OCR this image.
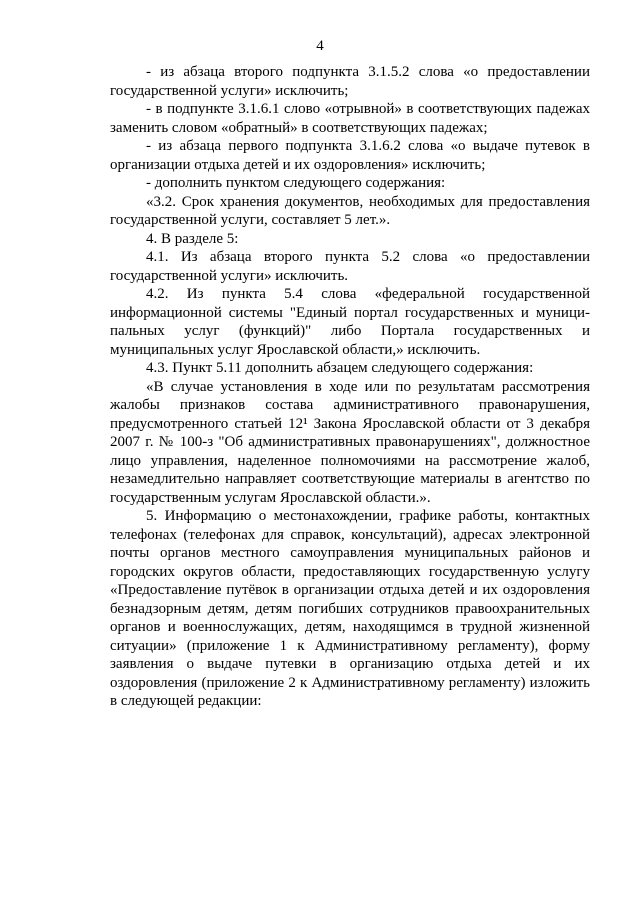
4

- из абзаца второго подпункта 3.1.5.2 слова «о предоставлении государственной услуги» исключить;

- в подпункте 3.1.6.1 слово «отрывной» в соответствующих падежах заменить словом «обратный» в соответствующих падежах;

- из абзаца первого подпункта 3.1.6.2 слова «о выдаче путевок в организации отдыха детей и их оздоровления» исключить;

- дополнить пунктом следующего содержания:

«3.2. Срок хранения документов, необходимых для предоставления государственной услуги, составляет 5 лет.».

4. В разделе 5:

4.1. Из абзаца второго пункта 5.2 слова «о предоставлении государственной услуги» исключить.

4.2. Из пункта 5.4 слова «федеральной государственной информационной системы "Единый портал государственных и муници-пальных услуг (функций)" либо Портала государственных и муниципальных услуг Ярославской области,» исключить.

4.3. Пункт 5.11 дополнить абзацем следующего содержания:

«В случае установления в ходе или по результатам рассмотрения жалобы признаков состава административного правонарушения, предусмотренного статьей 12¹ Закона Ярославской области от 3 декабря 2007 г. № 100-з "Об административных правонарушениях", должностное лицо управления, наделенное полномочиями на рассмотрение жалоб, незамедлительно направляет соответствующие материалы в агентство по государственным услугам Ярославской области.».

5. Информацию о местонахождении, графике работы, контактных телефонах (телефонах для справок, консультаций), адресах электронной почты органов местного самоуправления муниципальных районов и городских округов области, предоставляющих государственную услугу «Предоставление путёвок в организации отдыха детей и их оздоровления безнадзорным детям, детям погибших сотрудников правоохранительных органов и военнослужащих, детям, находящимся в трудной жизненной ситуации» (приложение 1 к Административному регламенту), форму заявления о выдаче путевки в организацию отдыха детей и их оздоровления (приложение 2 к Административному регламенту) изложить в следующей редакции:
